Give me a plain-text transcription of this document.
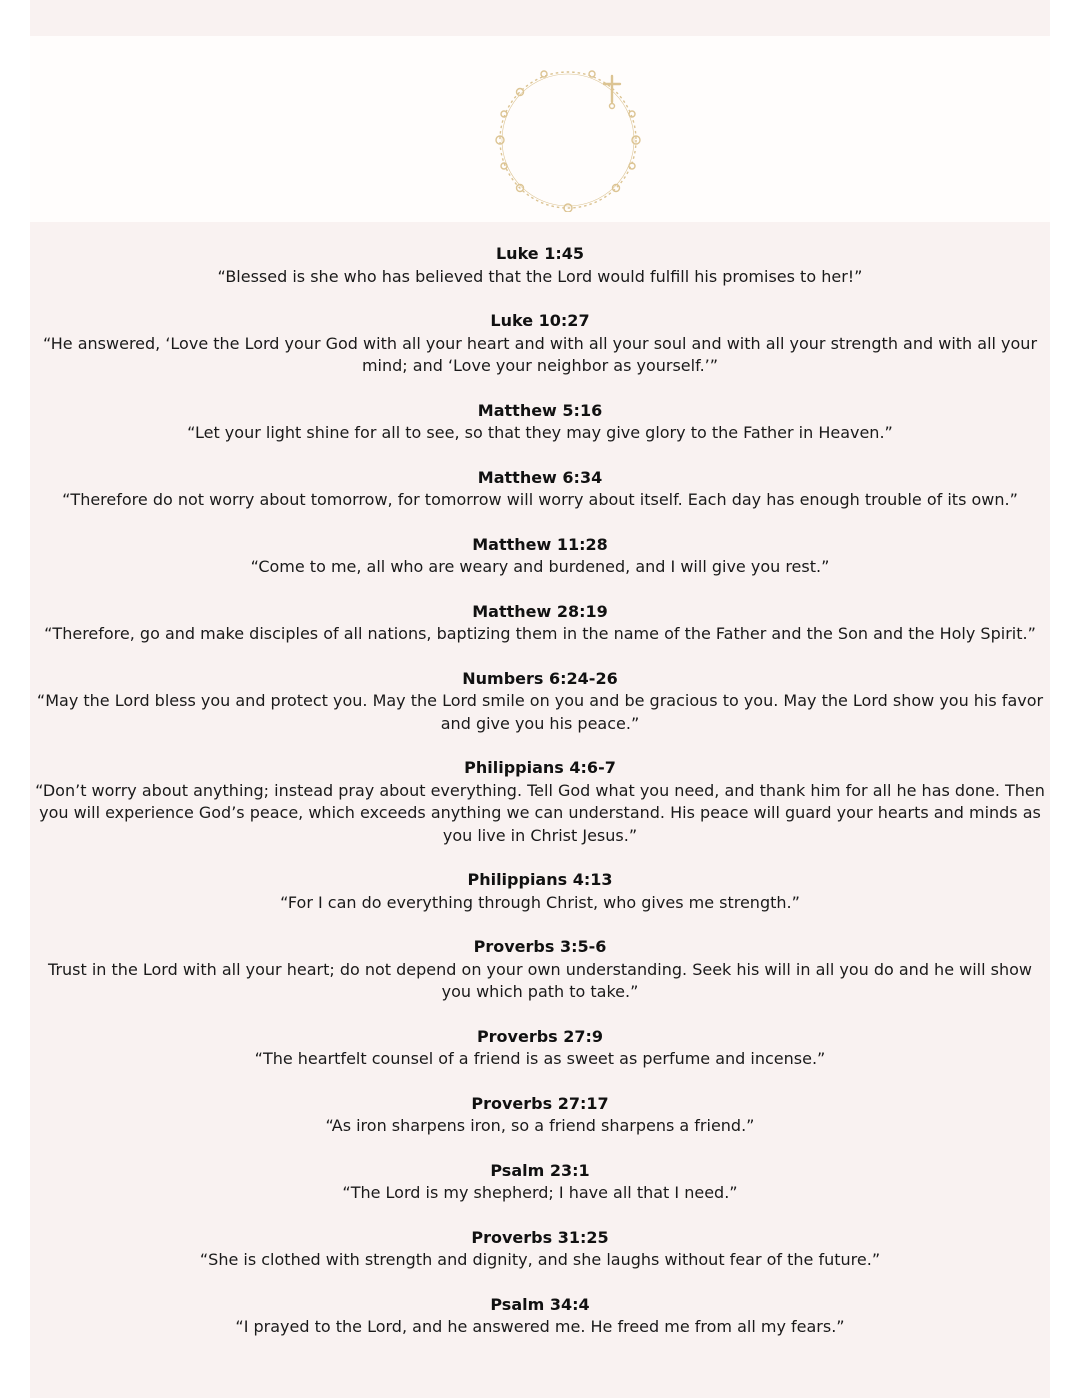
Luke 1:45
“Blessed is she who has believed that the Lord would fulfill his promises to her!”
Luke 10:27
“He answered, ‘Love the Lord your God with all your heart and with all your soul and with all your strength and with all your mind; and ‘Love your neighbor as yourself.’”
Matthew 5:16
“Let your light shine for all to see, so that they may give glory to the Father in Heaven.”
Matthew 6:34
“Therefore do not worry about tomorrow, for tomorrow will worry about itself. Each day has enough trouble of its own.”
Matthew 11:28
“Come to me, all who are weary and burdened, and I will give you rest.”
Matthew 28:19
“Therefore, go and make disciples of all nations, baptizing them in the name of the Father and the Son and the Holy Spirit.”
Numbers 6:24-26
“May the Lord bless you and protect you. May the Lord smile on you and be gracious to you. May the Lord show you his favor and give you his peace.”
Philippians 4:6-7
“Don’t worry about anything; instead pray about everything. Tell God what you need, and thank him for all he has done. Then you will experience God’s peace, which exceeds anything we can understand. His peace will guard your hearts and minds as you live in Christ Jesus.”
Philippians 4:13
“For I can do everything through Christ, who gives me strength.”
Proverbs 3:5-6
Trust in the Lord with all your heart; do not depend on your own understanding. Seek his will in all you do and he will show you which path to take.”
Proverbs 27:9
“The heartfelt counsel of a friend is as sweet as perfume and incense.”
Proverbs 27:17
“As iron sharpens iron, so a friend sharpens a friend.”
Psalm 23:1
“The Lord is my shepherd; I have all that I need.”
Proverbs 31:25
“She is clothed with strength and dignity, and she laughs without fear of the future.”
Psalm 34:4
“I prayed to the Lord, and he answered me. He freed me from all my fears.”
